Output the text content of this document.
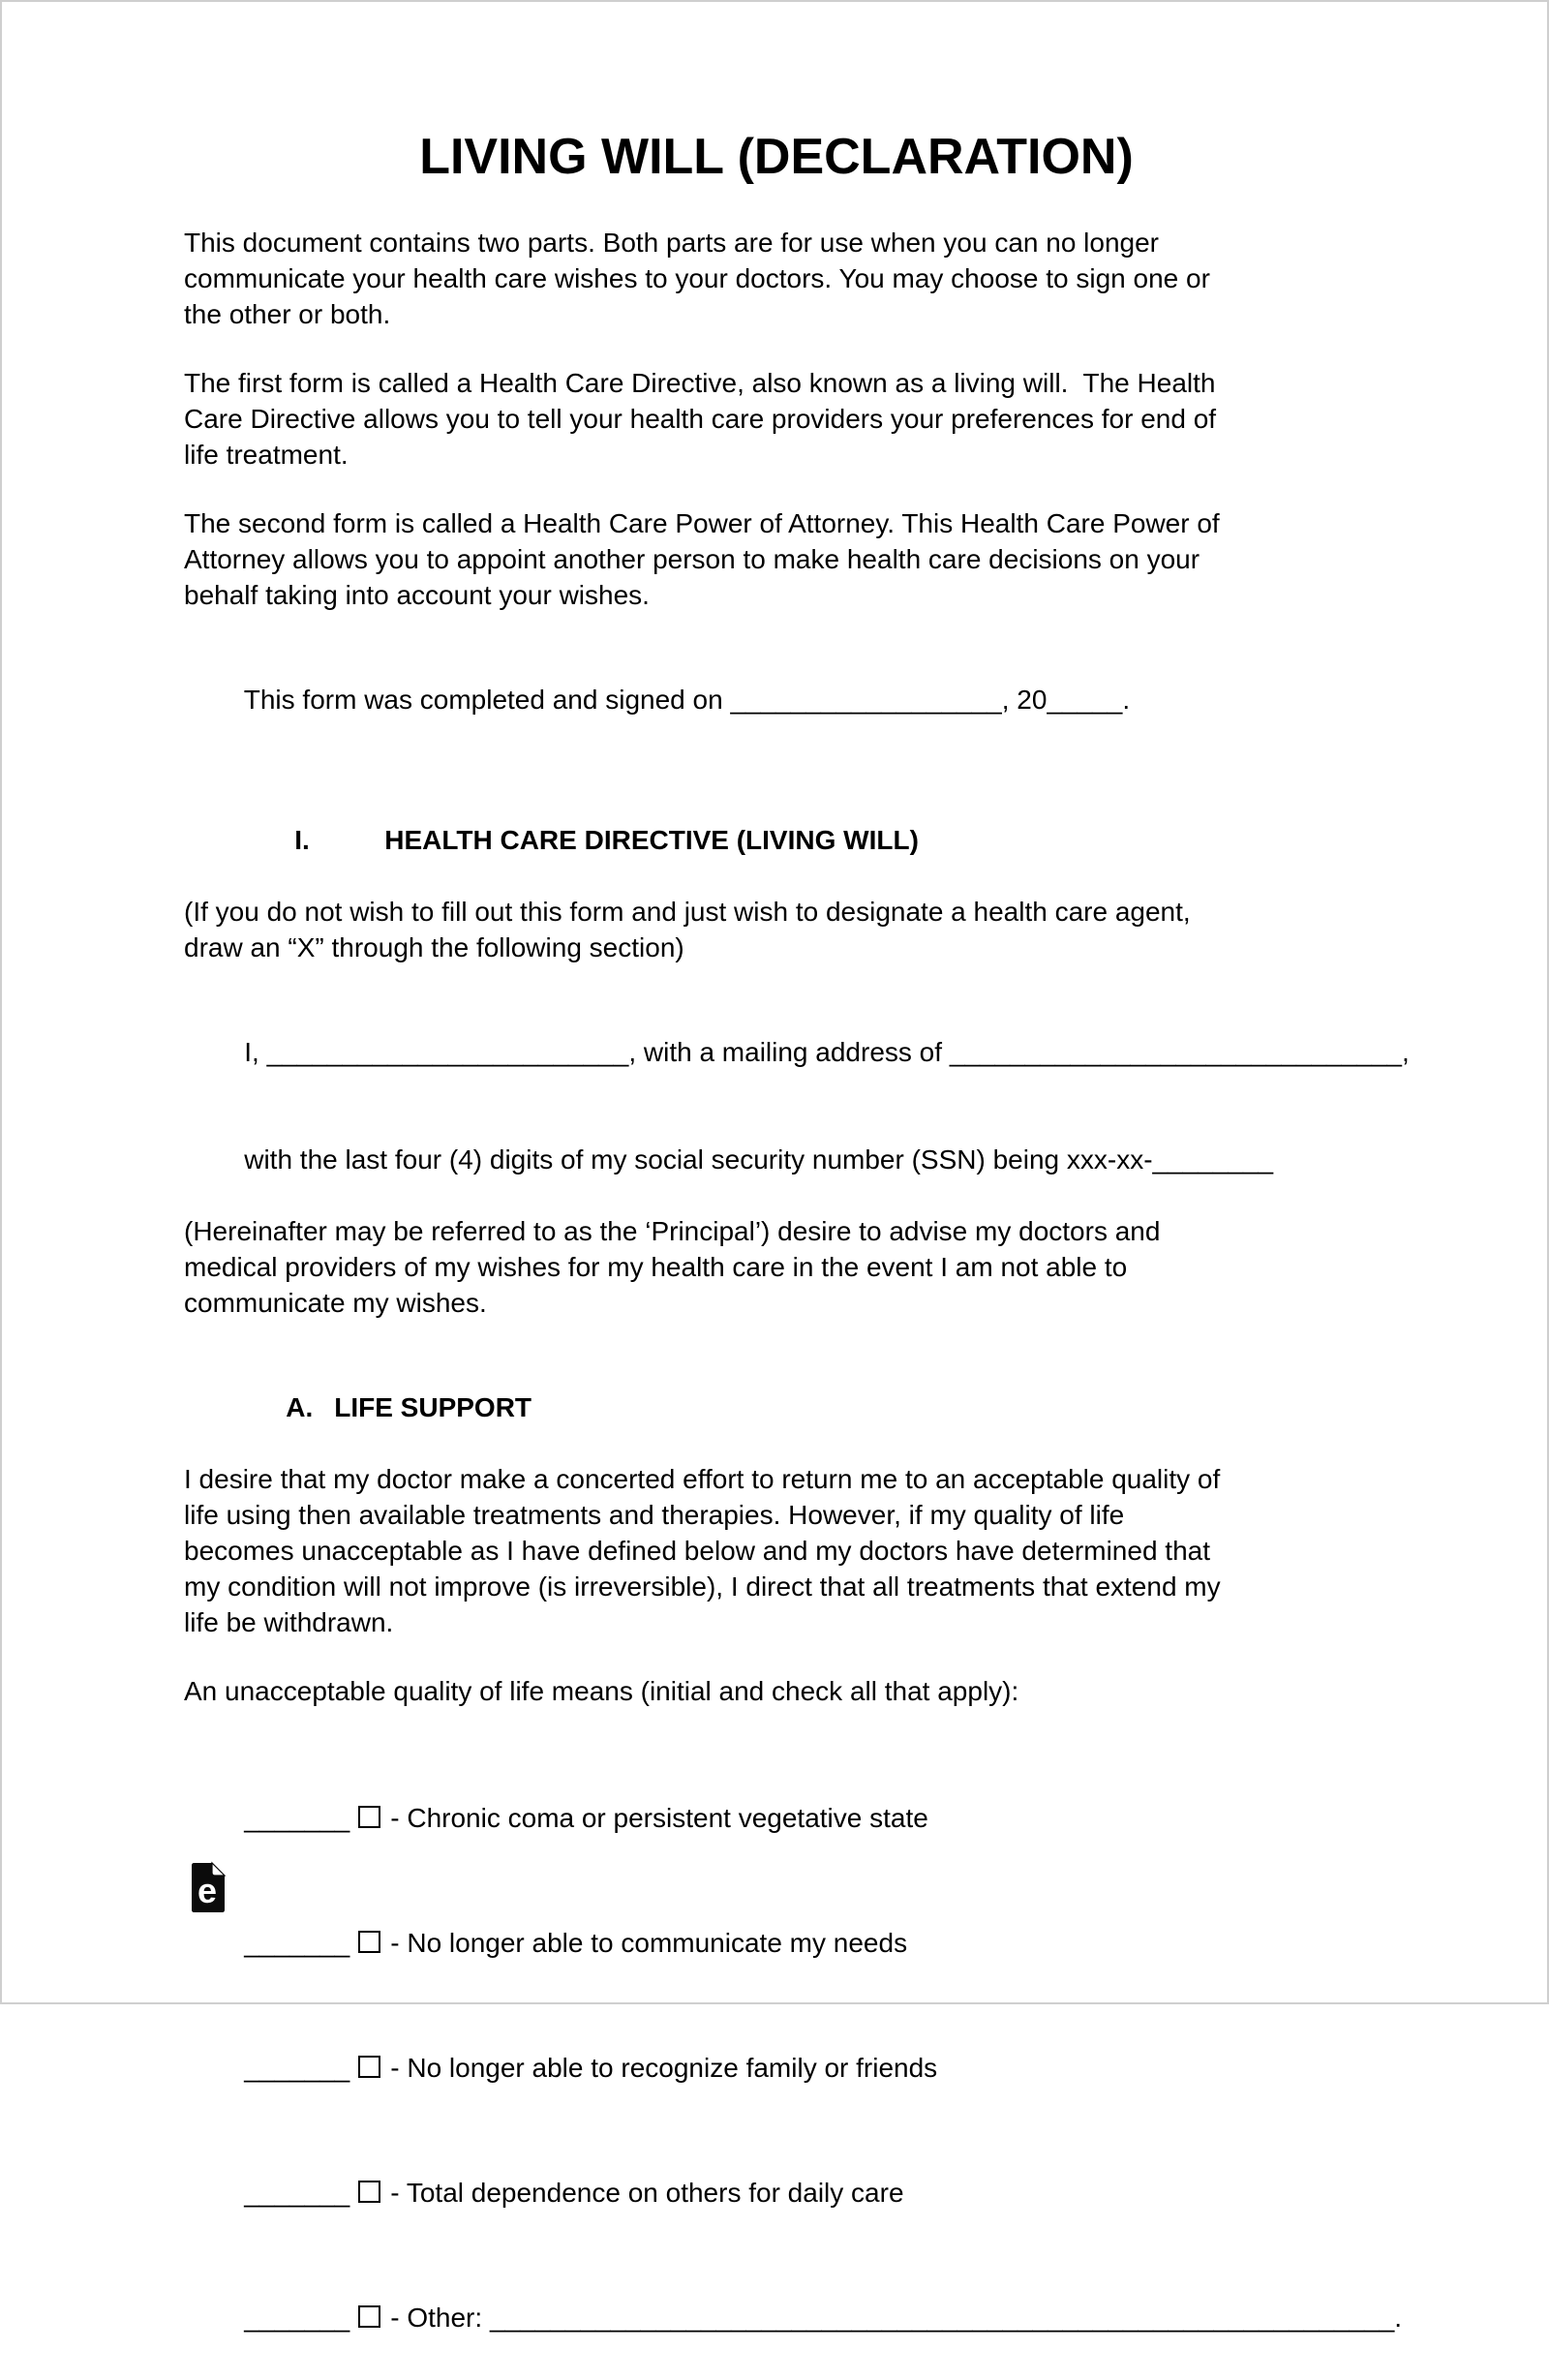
LIVING WILL (DECLARATION)
This document contains two parts. Both parts are for use when you can no longer
communicate your health care wishes to your doctors. You may choose to sign one or
the other or both.
The first form is called a Health Care Directive, also known as a living will.  The Health
Care Directive allows you to tell your health care providers your preferences for end of
life treatment.
The second form is called a Health Care Power of Attorney. This Health Care Power of
Attorney allows you to appoint another person to make health care decisions on your
behalf taking into account your wishes.

This form was completed and signed on __________________, 20_____.

I.	HEALTH CARE DIRECTIVE (LIVING WILL)

(If you do not wish to fill out this form and just wish to designate a health care agent,
draw an “X” through the following section)

I, ________________________, with a mailing address of ______________________________,

with the last four (4) digits of my social security number (SSN) being xxx-xx-________

(Hereinafter may be referred to as the ‘Principal’) desire to advise my doctors and
medical providers of my wishes for my health care in the event I am not able to
communicate my wishes.

A. LIFE SUPPORT

I desire that my doctor make a concerted effort to return me to an acceptable quality of
life using then available treatments and therapies. However, if my quality of life
becomes unacceptable as I have defined below and my doctors have determined that
my condition will not improve (is irreversible), I direct that all treatments that extend my
life be withdrawn.
An unacceptable quality of life means (initial and check all that apply):

_______ - Chronic coma or persistent vegetative state

_______ - No longer able to communicate my needs

_______ - No longer able to recognize family or friends

_______ - Total dependence on others for daily care

_______ - Other: ____________________________________________________________.

e
